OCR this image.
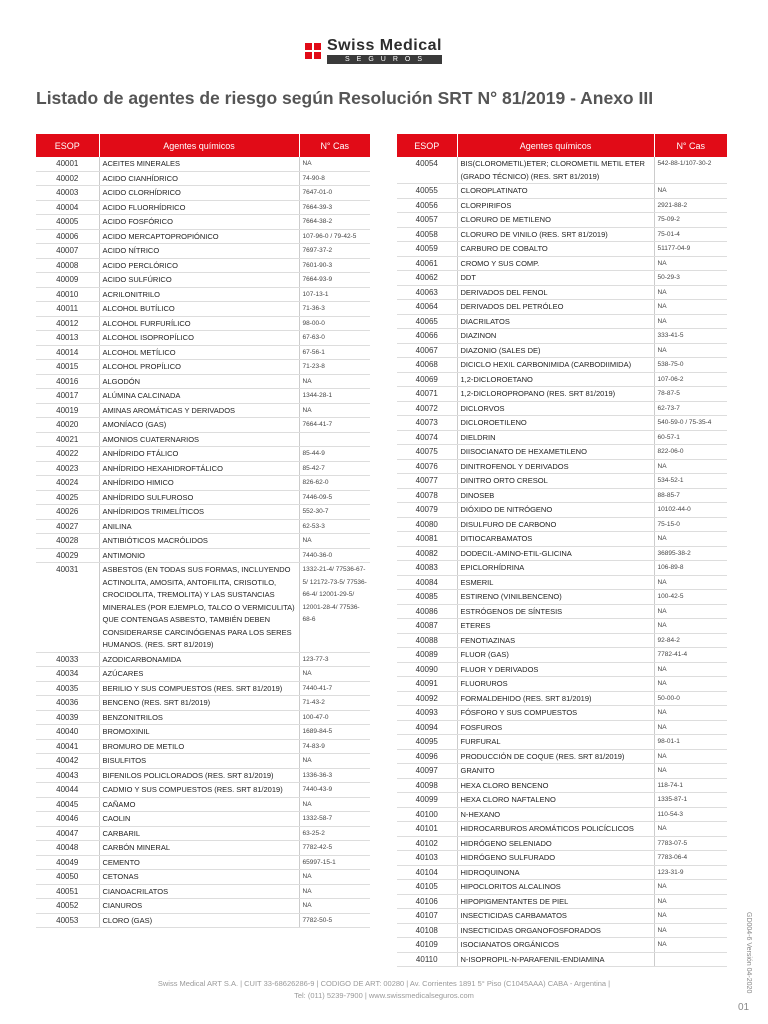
Swiss Medical
SEGUROS
Listado de agentes de riesgo según Resolución SRT N° 81/2019 - Anexo III
ESOP	Agentes químicos	N° Cas
40001	ACEITES MINERALES	NA
40002	ACIDO CIANHÍDRICO	74-90-8
40003	ACIDO CLORHÍDRICO	7647-01-0
40004	ACIDO FLUORHÍDRICO	7664-39-3
40005	ACIDO FOSFÓRICO	7664-38-2
40006	ACIDO MERCAPTOPROPIÓNICO	107-96-0 / 79-42-5
40007	ACIDO NÍTRICO	7697-37-2
40008	ACIDO PERCLÓRICO	7601-90-3
40009	ACIDO SULFÚRICO	7664-93-9
40010	ACRILONITRILO	107-13-1
40011	ALCOHOL BUTÍLICO	71-36-3
40012	ALCOHOL FURFURÍLICO	98-00-0
40013	ALCOHOL ISOPROPÍLICO	67-63-0
40014	ALCOHOL METÍLICO	67-56-1
40015	ALCOHOL PROPÍLICO	71-23-8
40016	ALGODÓN	NA
40017	ALÚMINA CALCINADA	1344-28-1
40019	AMINAS AROMÁTICAS Y DERIVADOS	NA
40020	AMONÍACO (GAS)	7664-41-7
40021	AMONIOS CUATERNARIOS	
40022	ANHÍDRIDO FTÁLICO	85-44-9
40023	ANHÍDRIDO HEXAHIDROFTÁLICO	85-42-7
40024	ANHÍDRIDO HIMICO	826-62-0
40025	ANHÍDRIDO SULFUROSO	7446-09-5
40026	ANHÍDRIDOS TRIMELÍTICOS	552-30-7
40027	ANILINA	62-53-3
40028	ANTIBIÓTICOS MACRÓLIDOS	NA
40029	ANTIMONIO	7440-36-0
40031	ASBESTOS (EN TODAS SUS FORMAS, INCLUYENDO ACTINOLITA, AMOSITA, ANTOFILITA, CRISOTILO, CROCIDOLITA, TREMOLITA) Y LAS SUSTANCIAS MINERALES (POR EJEMPLO, TALCO O VERMICULITA) QUE CONTENGAS ASBESTO, TAMBIÉN DEBEN CONSIDERARSE CARCINÓGENAS PARA LOS SERES HUMANOS. (RES. SRT 81/2019)	1332-21-4/ 77536-67-5/ 12172-73-5/ 77536-66-4/ 12001-29-5/ 12001-28-4/ 77536-68-6
40033	AZODICARBONAMIDA	123-77-3
40034	AZÚCARES	NA
40035	BERILIO Y SUS COMPUESTOS (RES. SRT 81/2019)	7440-41-7
40036	BENCENO (RES. SRT 81/2019)	71-43-2
40039	BENZONITRILOS	100-47-0
40040	BROMOXINIL	1689-84-5
40041	BROMURO DE METILO	74-83-9
40042	BISULFITOS	NA
40043	BIFENILOS POLICLORADOS (RES. SRT 81/2019)	1336-36-3
40044	CADMIO Y SUS COMPUESTOS (RES. SRT 81/2019)	7440-43-9
40045	CAÑAMO	NA
40046	CAOLIN	1332-58-7
40047	CARBARIL	63-25-2
40048	CARBÓN MINERAL	7782-42-5
40049	CEMENTO	65997-15-1
40050	CETONAS	NA
40051	CIANOACRILATOS	NA
40052	CIANUROS	NA
40053	CLORO (GAS)	7782-50-5
ESOP	Agentes químicos	N° Cas
40054	BIS(CLOROMETIL)ETER; CLOROMETIL METIL ETER (GRADO TÉCNICO) (RES. SRT 81/2019)	542-88-1/107-30-2
40055	CLOROPLATINATO	NA
40056	CLORPIRIFOS	2921-88-2
40057	CLORURO DE METILENO	75-09-2
40058	CLORURO DE VINILO (RES. SRT 81/2019)	75-01-4
40059	CARBURO DE COBALTO	51177-04-9
40061	CROMO Y SUS COMP.	NA
40062	DDT	50-29-3
40063	DERIVADOS DEL FENOL	NA
40064	DERIVADOS DEL PETRÓLEO	NA
40065	DIACRILATOS	NA
40066	DIAZINON	333-41-5
40067	DIAZONIO (SALES DE)	NA
40068	DICICLO HEXIL CARBONIMIDA (CARBODIIMIDA)	538-75-0
40069	1,2-DICLOROETANO	107-06-2
40071	1,2-DICLOROPROPANO (RES. SRT 81/2019)	78-87-5
40072	DICLORVOS	62-73-7
40073	DICLOROETILENO	540-59-0 / 75-35-4
40074	DIELDRIN	60-57-1
40075	DIISOCIANATO DE HEXAMETILENO	822-06-0
40076	DINITROFENOL Y DERIVADOS	NA
40077	DINITRO ORTO CRESOL	534-52-1
40078	DINOSEB	88-85-7
40079	DIÓXIDO DE NITRÓGENO	10102-44-0
40080	DISULFURO DE CARBONO	75-15-0
40081	DITIOCARBAMATOS	NA
40082	DODECIL-AMINO-ETIL-GLICINA	36895-38-2
40083	EPICLORHÍDRINA	106-89-8
40084	ESMERIL	NA
40085	ESTIRENO (VINILBENCENO)	100-42-5
40086	ESTRÓGENOS DE SÍNTESIS	NA
40087	ETERES	NA
40088	FENOTIAZINAS	92-84-2
40089	FLUOR (GAS)	7782-41-4
40090	FLUOR Y DERIVADOS	NA
40091	FLUORUROS	NA
40092	FORMALDEHIDO (RES. SRT 81/2019)	50-00-0
40093	FÓSFORO Y SUS COMPUESTOS	NA
40094	FOSFUROS	NA
40095	FURFURAL	98-01-1
40096	PRODUCCIÓN DE COQUE (RES. SRT 81/2019)	NA
40097	GRANITO	NA
40098	HEXA CLORO BENCENO	118-74-1
40099	HEXA CLORO NAFTALENO	1335-87-1
40100	N-HEXANO	110-54-3
40101	HIDROCARBUROS AROMÁTICOS POLICÍCLICOS	NA
40102	HIDRÓGENO SELENIADO	7783-07-5
40103	HIDRÓGENO SULFURADO	7783-06-4
40104	HIDROQUINONA	123-31-9
40105	HIPOCLORITOS ALCALINOS	NA
40106	HIPOPIGMENTANTES DE PIEL	NA
40107	INSECTICIDAS CARBAMATOS	NA
40108	INSECTICIDAS ORGANOFOSFORADOS	NA
40109	ISOCIANATOS ORGÁNICOS	NA
40110	N-ISOPROPIL-N-PARAFENIL-ENDIAMINA		GD004-6 Versión 04-2020
Swiss Medical ART S.A. | CUIT 33-68626286-9 | CODIGO DE ART: 00280 | Av. Corrientes 1891 5° Piso (C1045AAA) CABA - Argentina |
Tel: (011) 5239-7900 | www.swissmedicalseguros.com
01
